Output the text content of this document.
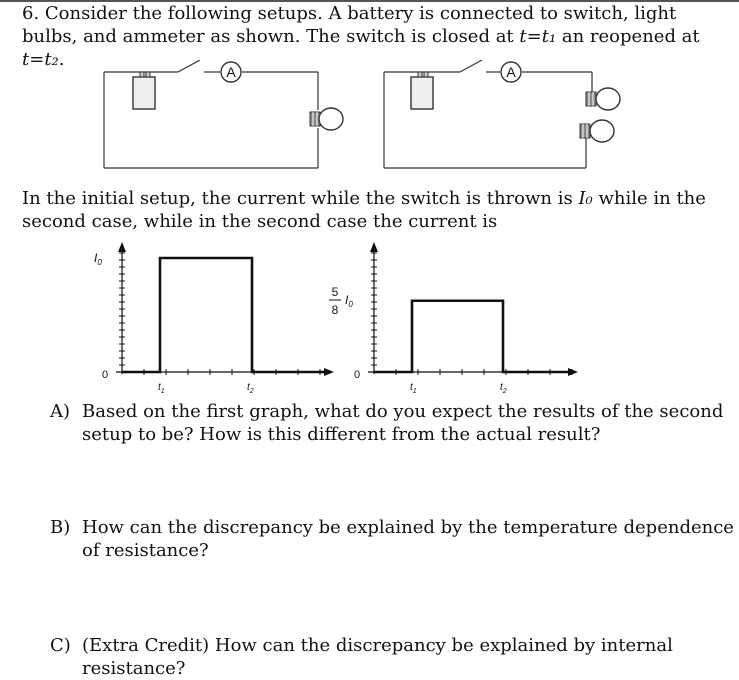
6. Consider the following setups. A battery is connected to switch, light bulbs, and ammeter as shown. The switch is closed at t=t₁ an reopened at t=t₂.

A	A

In the initial setup, the current while the switch is thrown is I₀ while in the second case, while in the second case the current is

$I_0$
0
$t_1$	$t_2$
5
8
$I_0$
0
$t_1$	$t_2$
A) Based on the first graph, what do you expect the results of the second setup to be? How is this different from the actual result?
B) How can the discrepancy be explained by the temperature dependence of resistance?
C) (Extra Credit) How can the discrepancy be explained by internal resistance?
